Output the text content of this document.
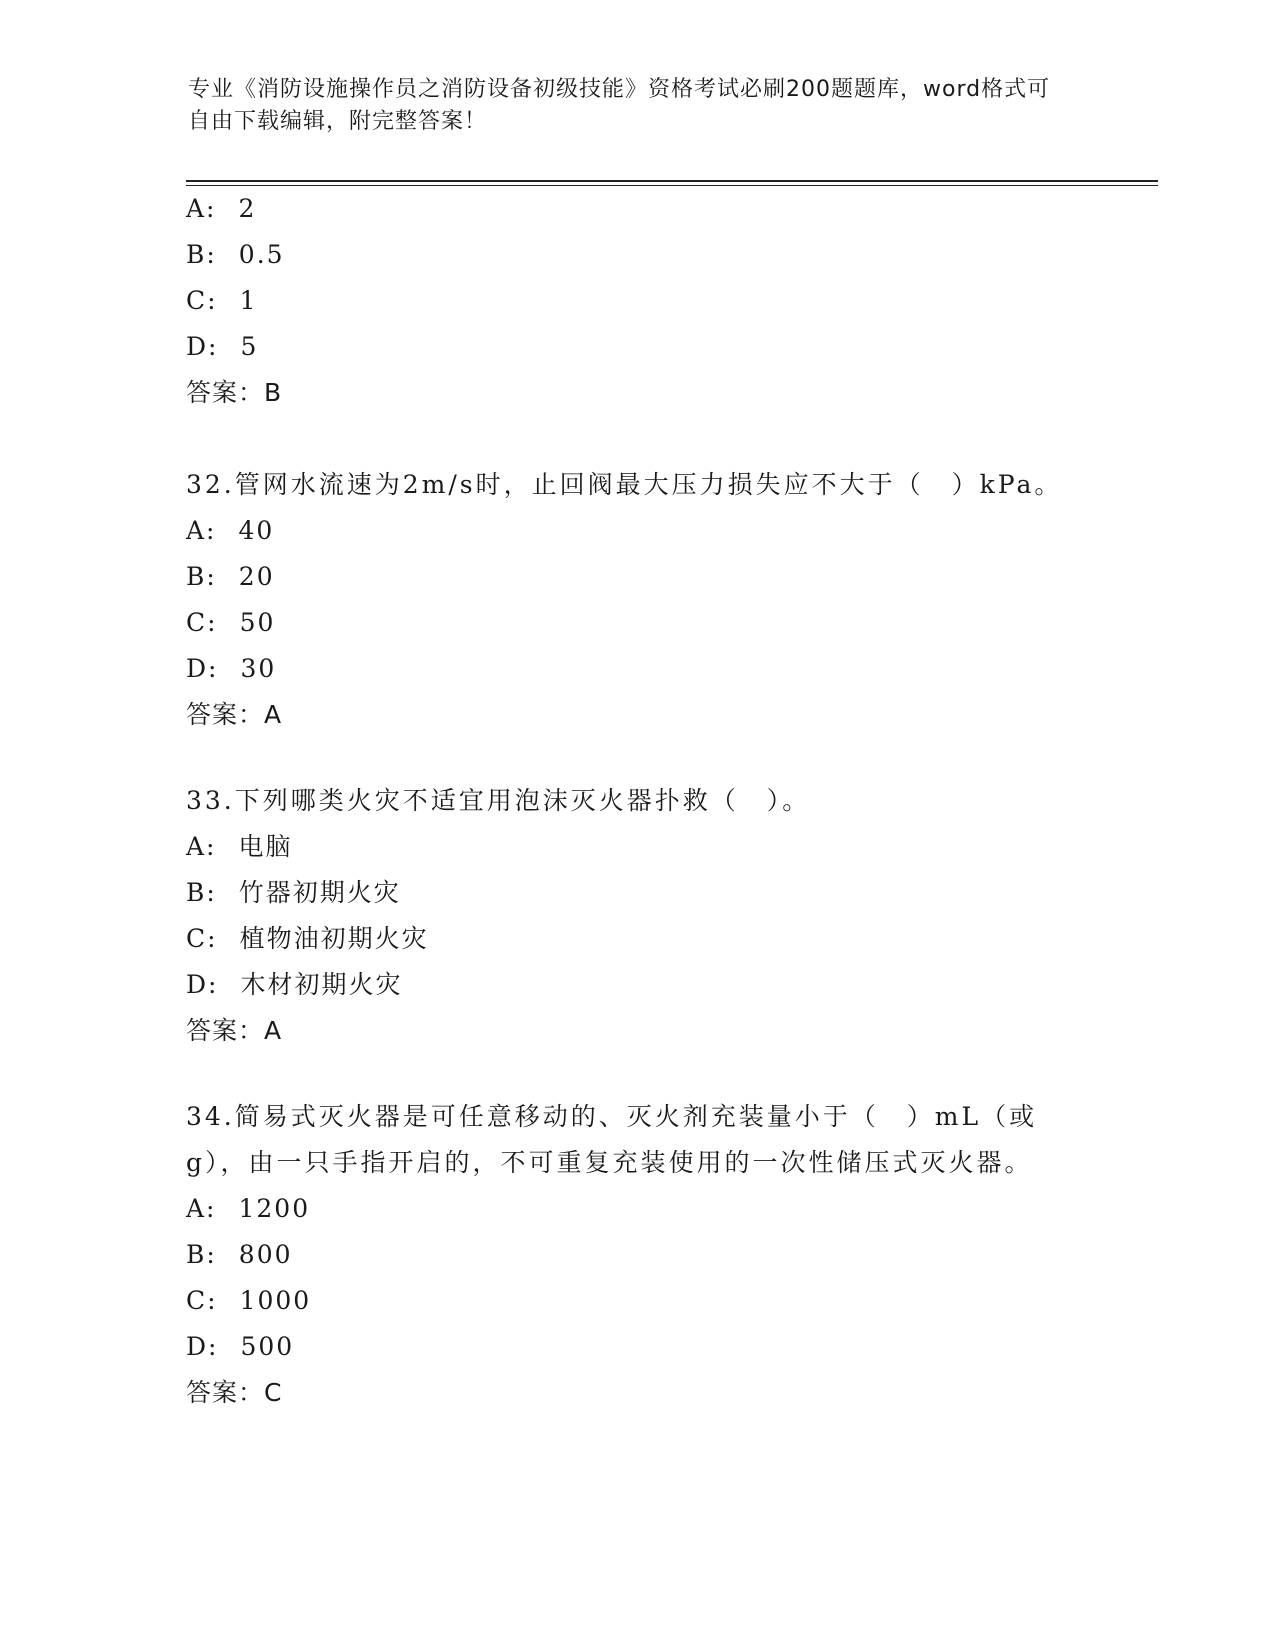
专业《消防设施操作员之消防设备初级技能》资格考试必刷200题题库，word格式可自由下载编辑，附完整答案！
A: 2
B: 0.5
C: 1
D: 5
答案：B
32.管网水流速为2m/s时，止回阀最大压力损失应不大于（　）kPa。
A: 40
B: 20
C: 50
D: 30
答案：A
33.下列哪类火灾不适宜用泡沫灭火器扑救（　）。
A: 电脑
B: 竹器初期火灾
C: 植物油初期火灾
D: 木材初期火灾
答案：A
34.简易式灭火器是可任意移动的、灭火剂充装量小于（　）mL（或g），由一只手指开启的，不可重复充装使用的一次性储压式灭火器。
A: 1200
B: 800
C: 1000
D: 500
答案：C
